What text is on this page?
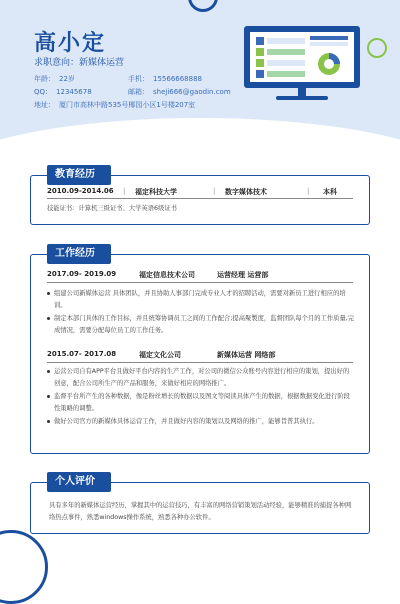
高小定
求职意向：新媒体运营
年龄： 22岁	手机： 15566668888
QQ： 12345678	邮箱： sheji666@gaodin.com
地址： 厦门市高林中路535号椰园小区1号楼207室
教育经历
2010.09-2014.06 | 福定科技大学	| 数字媒体技术	| 本科
技能证书：计算机三级证书、大学英语6级证书
工作经历
2017.09- 2019.09	福定信息技术公司	运营经理 运营部
组建公司新媒体运营 具体团队，并且协助人事部门完成专业人才的招聘活动，需要对新员工进行相应的培训。
制定本部门具体的工作目标，并且统筹协调员工之间的工作配合;提高聚製度，监督团队每个月的工作质量,完成情况，需要分配每位员工的工作任务。
2015.07- 2017.08	福定文化公司	新媒体运营 网络部
运营公司自有APP平台且做好平台内容的生产工作，对公司的微信公众账号内容进行相应的策划，提出好的创意，配合公司所生产的产品和服务，来做好相应的网络推广。
监督平台所产生的各种数据，像是粉丝增长的数据以及图文等阅读具体产生的数据，根据数据变化进行阶段性策略的调整。
做好公司官方的新媒体具体运营工作，并且做好内容的策划以及网络的推广，能够旨普其执行。
个人评价
具有多年的新媒体运营经历，掌握其中的运营技巧，有丰富的网络营销策划活动经验，能够精准的捕捉各种网络热点事件，熟悉windows操作系统，熟悉各种办公软件。
